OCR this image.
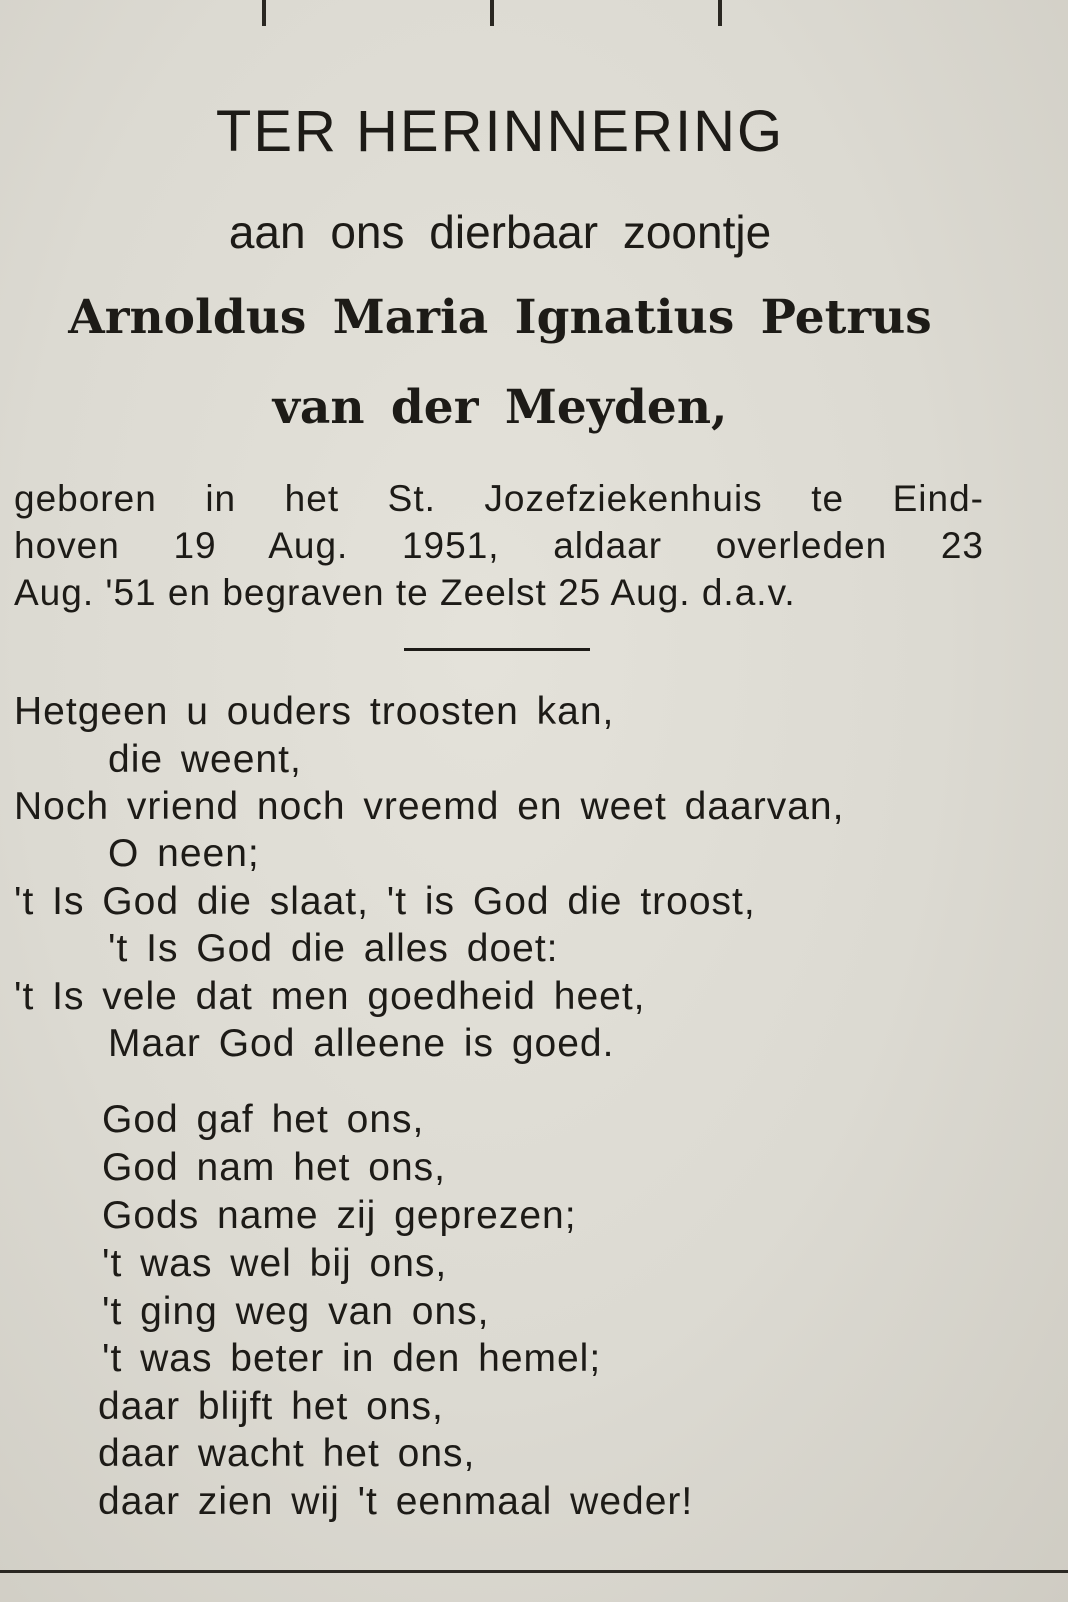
TER HERINNERING
aan ons dierbaar zoontje
Arnoldus Maria Ignatius Petrus
van der Meyden,
geboren in het St. Jozefziekenhuis te Eind-
hoven 19 Aug. 1951, aldaar overleden 23
Aug. '51 en begraven te Zeelst 25 Aug. d.a.v.
Hetgeen u ouders troosten kan,
die weent,
Noch vriend noch vreemd en weet daarvan,
O neen;
't Is God die slaat, 't is God die troost,
't Is God die alles doet:
't Is vele dat men goedheid heet,
Maar God alleene is goed.
God gaf het ons,
God nam het ons,
Gods name zij geprezen;
't was wel bij ons,
't ging weg van ons,
't was beter in den hemel;
daar blijft het ons,
daar wacht het ons,
daar zien wij 't eenmaal weder!
